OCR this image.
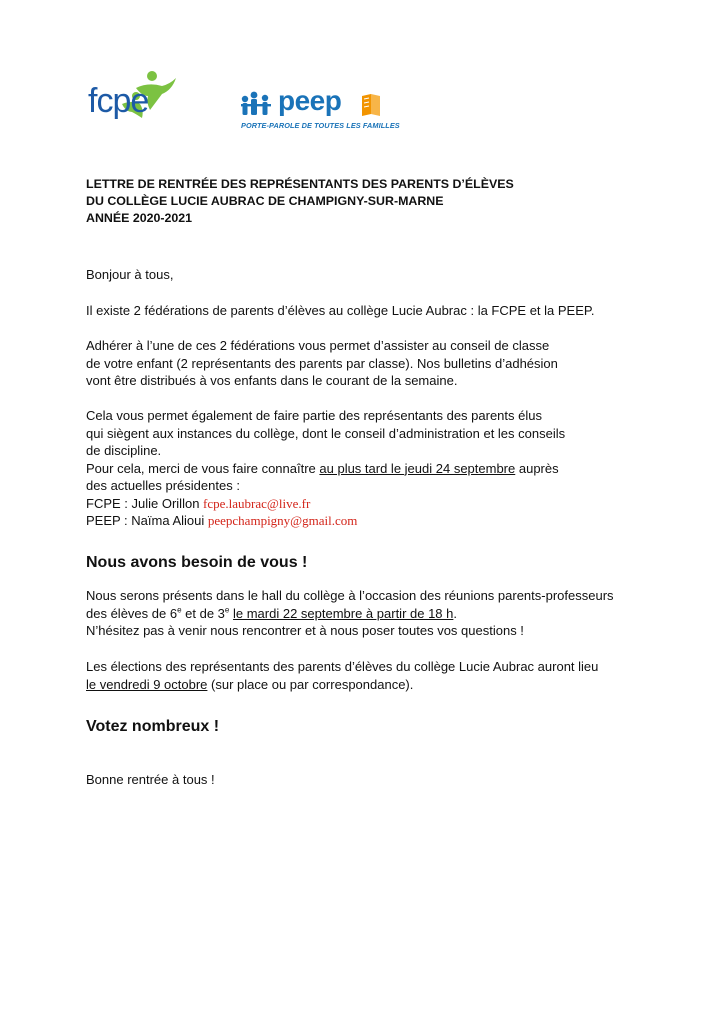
fcpe	peep
PORTE-PAROLE DE TOUTES LES FAMILLES
LETTRE DE RENTRÉE DES REPRÉSENTANTS DES PARENTS D’ÉLÈVES
DU COLLÈGE LUCIE AUBRAC DE CHAMPIGNY-SUR-MARNE
ANNÉE 2020-2021
Bonjour à tous,
Il existe 2 fédérations de parents d’élèves au collège Lucie Aubrac : la FCPE et la PEEP.
Adhérer à l’une de ces 2 fédérations vous permet d’assister au conseil de classe
de votre enfant (2 représentants des parents par classe). Nos bulletins d’adhésion
vont être distribués à vos enfants dans le courant de la semaine.
Cela vous permet également de faire partie des représentants des parents élus
qui siègent aux instances du collège, dont le conseil d’administration et les conseils
de discipline.
Pour cela, merci de vous faire connaître au plus tard le jeudi 24 septembre auprès
des actuelles présidentes :
FCPE : Julie Orillon fcpe.laubrac@live.fr
PEEP : Naïma Alioui peepchampigny@gmail.com
Nous avons besoin de vous !
Nous serons présents dans le hall du collège à l’occasion des réunions parents-professeurs
des élèves de 6e et de 3e le mardi 22 septembre à partir de 18 h.
N’hésitez pas à venir nous rencontrer et à nous poser toutes vos questions !
Les élections des représentants des parents d’élèves du collège Lucie Aubrac auront lieu
le vendredi 9 octobre (sur place ou par correspondance).
Votez nombreux !
Bonne rentrée à tous !
